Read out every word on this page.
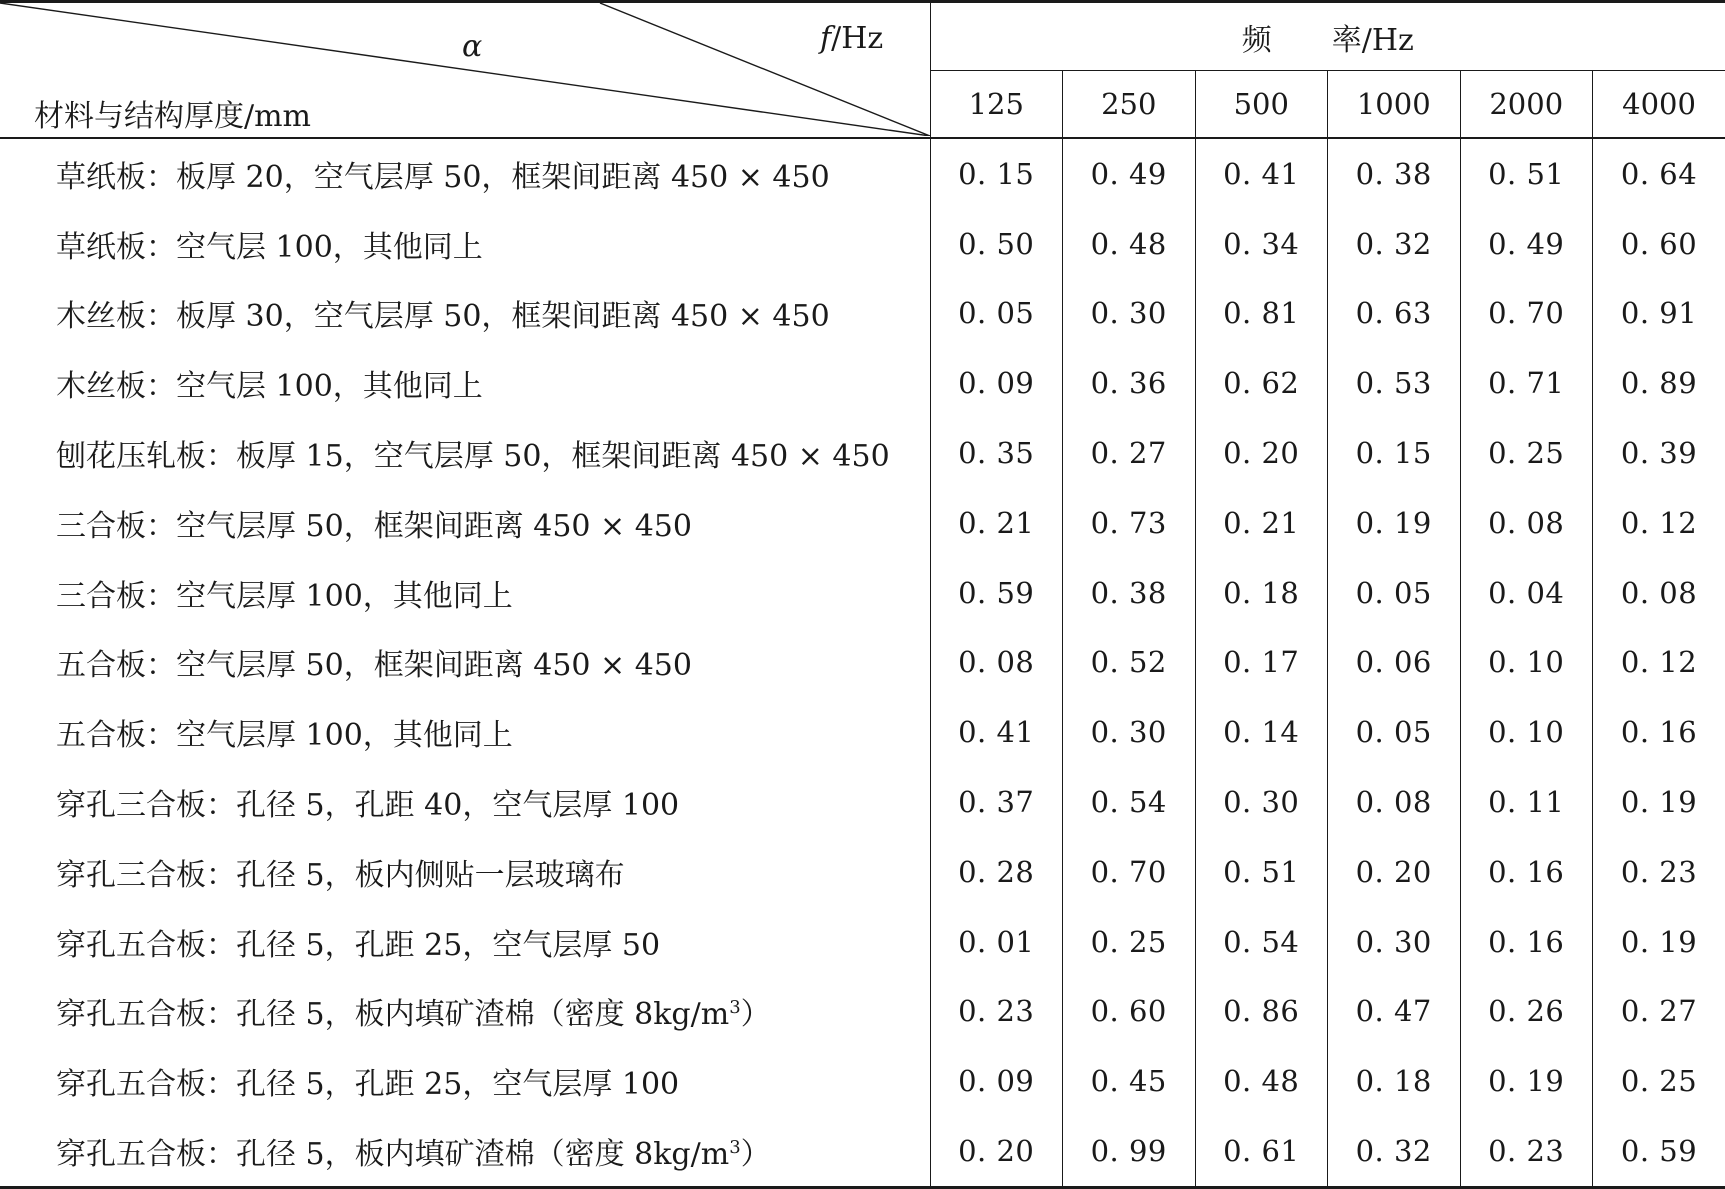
α f/Hz
材料与结构厚度/mm	频　　率/Hz					
	125	250	500	1000	2000	4000
草纸板：板厚 20，空气层厚 50，框架间距离 450 × 450	0. 15	0. 49	0. 41	0. 38	0. 51	0. 64
草纸板：空气层 100，其他同上	0. 50	0. 48	0. 34	0. 32	0. 49	0. 60
木丝板：板厚 30，空气层厚 50，框架间距离 450 × 450	0. 05	0. 30	0. 81	0. 63	0. 70	0. 91
木丝板：空气层 100，其他同上	0. 09	0. 36	0. 62	0. 53	0. 71	0. 89
刨花压轧板：板厚 15，空气层厚 50，框架间距离 450 × 450	0. 35	0. 27	0. 20	0. 15	0. 25	0. 39
三合板：空气层厚 50，框架间距离 450 × 450	0. 21	0. 73	0. 21	0. 19	0. 08	0. 12
三合板：空气层厚 100，其他同上	0. 59	0. 38	0. 18	0. 05	0. 04	0. 08
五合板：空气层厚 50，框架间距离 450 × 450	0. 08	0. 52	0. 17	0. 06	0. 10	0. 12
五合板：空气层厚 100，其他同上	0. 41	0. 30	0. 14	0. 05	0. 10	0. 16
穿孔三合板：孔径 5，孔距 40，空气层厚 100	0. 37	0. 54	0. 30	0. 08	0. 11	0. 19
穿孔三合板：孔径 5，板内侧贴一层玻璃布	0. 28	0. 70	0. 51	0. 20	0. 16	0. 23
穿孔五合板：孔径 5，孔距 25，空气层厚 50	0. 01	0. 25	0. 54	0. 30	0. 16	0. 19
穿孔五合板：孔径 5，板内填矿渣棉（密度 $8kg/m^3$）	0. 23	0. 60	0. 86	0. 47	0. 26	0. 27
穿孔五合板：孔径 5，孔距 25，空气层厚 100	0. 09	0. 45	0. 48	0. 18	0. 19	0. 25
穿孔五合板：孔径 5，板内填矿渣棉（密度 $8kg/m^3$）	0. 20	0. 99	0. 61	0. 32	0. 23	0. 59
